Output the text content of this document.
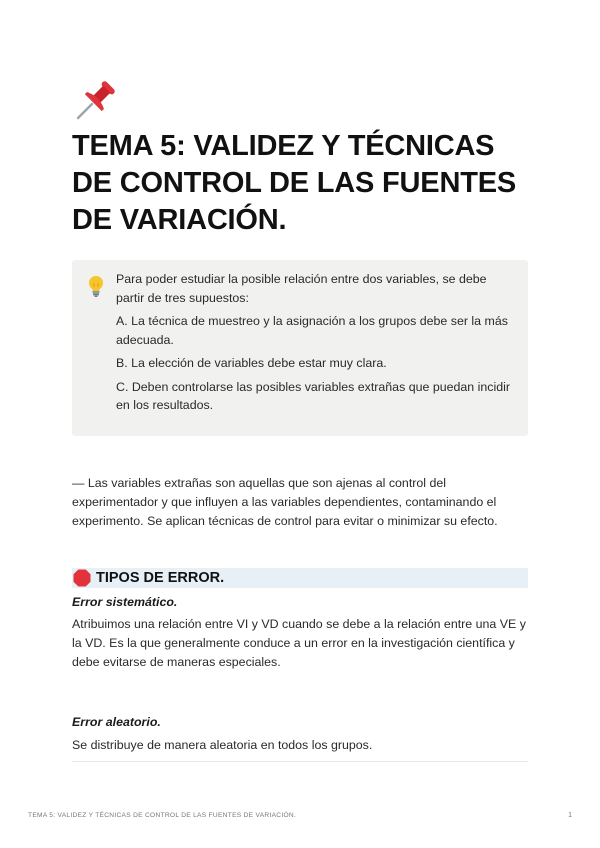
TEMA 5: VALIDEZ Y TÉCNICAS DE CONTROL DE LAS FUENTES DE VARIACIÓN.

Para poder estudiar la posible relación entre dos variables, se debe partir de tres supuestos:

A. La técnica de muestreo y la asignación a los grupos debe ser la más adecuada.

B. La elección de variables debe estar muy clara.

C. Deben controlarse las posibles variables extrañas que puedan incidir en los resultados.

— Las variables extrañas son aquellas que son ajenas al control del experimentador y que influyen a las variables dependientes, contaminando el experimento. Se aplican técnicas de control para evitar o minimizar su efecto.

TIPOS DE ERROR.

Error sistemático.

Atribuimos una relación entre VI y VD cuando se debe a la relación entre una VE y la VD. Es la que generalmente conduce a un error en la investigación científica y debe evitarse de maneras especiales.

Error aleatorio.

Se distribuye de manera aleatoria en todos los grupos.

TEMA 5: VALIDEZ Y TÉCNICAS DE CONTROL DE LAS FUENTES DE VARIACIÓN.	1
